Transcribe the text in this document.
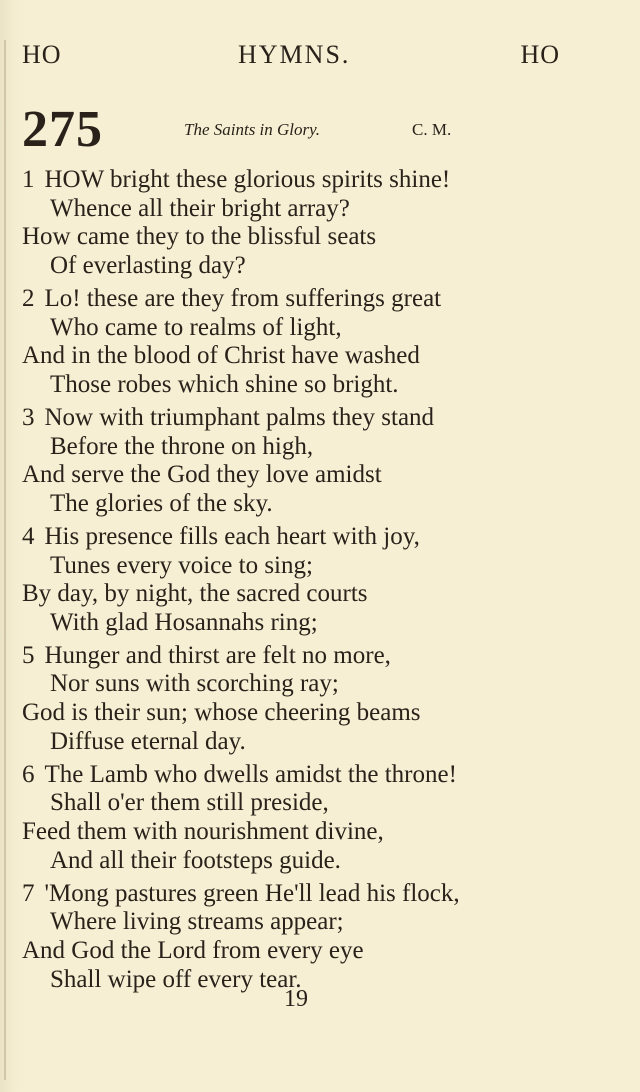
HO	HYMNS.	HO
275	The Saints in Glory.	C. M.
1 HOW bright these glorious spirits shine!
Whence all their bright array?
How came they to the blissful seats
Of everlasting day?
2 Lo! these are they from sufferings great
Who came to realms of light,
And in the blood of Christ have washed
Those robes which shine so bright.
3 Now with triumphant palms they stand
Before the throne on high,
And serve the God they love amidst
The glories of the sky.
4 His presence fills each heart with joy,
Tunes every voice to sing;
By day, by night, the sacred courts
With glad Hosannahs ring;
5 Hunger and thirst are felt no more,
Nor suns with scorching ray;
God is their sun; whose cheering beams
Diffuse eternal day.
6 The Lamb who dwells amidst the throne!
Shall o'er them still preside,
Feed them with nourishment divine,
And all their footsteps guide.
7 'Mong pastures green He'll lead his flock,
Where living streams appear;
And God the Lord from every eye
Shall wipe off every tear.
19
